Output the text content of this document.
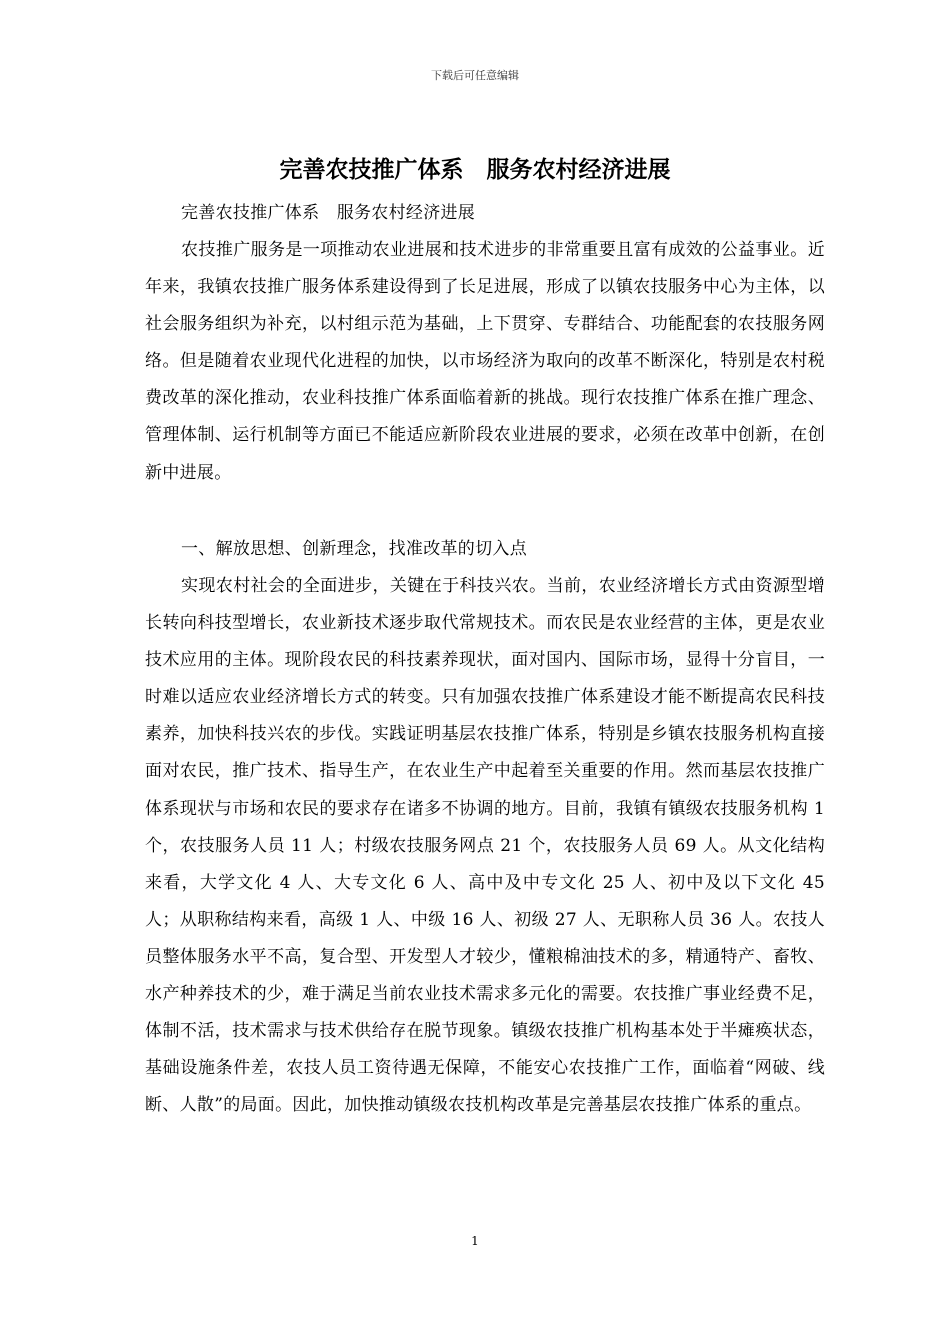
下载后可任意编辑
完善农技推广体系　服务农村经济进展

完善农技推广体系　服务农村经济进展

农技推广服务是一项推动农业进展和技术进步的非常重要且富有成效的公益事业。近年来，我镇农技推广服务体系建设得到了长足进展，形成了以镇农技服务中心为主体，以社会服务组织为补充，以村组示范为基础，上下贯穿、专群结合、功能配套的农技服务网络。但是随着农业现代化进程的加快，以市场经济为取向的改革不断深化，特别是农村税费改革的深化推动，农业科技推广体系面临着新的挑战。现行农技推广体系在推广理念、管理体制、运行机制等方面已不能适应新阶段农业进展的要求，必须在改革中创新，在创新中进展。

一、解放思想、创新理念，找准改革的切入点

实现农村社会的全面进步，关键在于科技兴农。当前，农业经济增长方式由资源型增长转向科技型增长，农业新技术逐步取代常规技术。而农民是农业经营的主体，更是农业技术应用的主体。现阶段农民的科技素养现状，面对国内、国际市场，显得十分盲目，一时难以适应农业经济增长方式的转变。只有加强农技推广体系建设才能不断提高农民科技素养，加快科技兴农的步伐。实践证明基层农技推广体系，特别是乡镇农技服务机构直接面对农民，推广技术、指导生产，在农业生产中起着至关重要的作用。然而基层农技推广体系现状与市场和农民的要求存在诸多不协调的地方。目前，我镇有镇级农技服务机构 1 个，农技服务人员 11 人；村级农技服务网点 21 个，农技服务人员 69 人。从文化结构来看，大学文化 4 人、大专文化 6 人、高中及中专文化 25 人、初中及以下文化 45 人；从职称结构来看，高级 1 人、中级 16 人、初级 27 人、无职称人员 36 人。农技人员整体服务水平不高，复合型、开发型人才较少，懂粮棉油技术的多，精通特产、畜牧、水产种养技术的少，难于满足当前农业技术需求多元化的需要。农技推广事业经费不足，体制不活，技术需求与技术供给存在脱节现象。镇级农技推广机构基本处于半瘫痪状态，基础设施条件差，农技人员工资待遇无保障，不能安心农技推广工作，面临着“网破、线断、人散”的局面。因此，加快推动镇级农技机构改革是完善基层农技推广体系的重点。

1
